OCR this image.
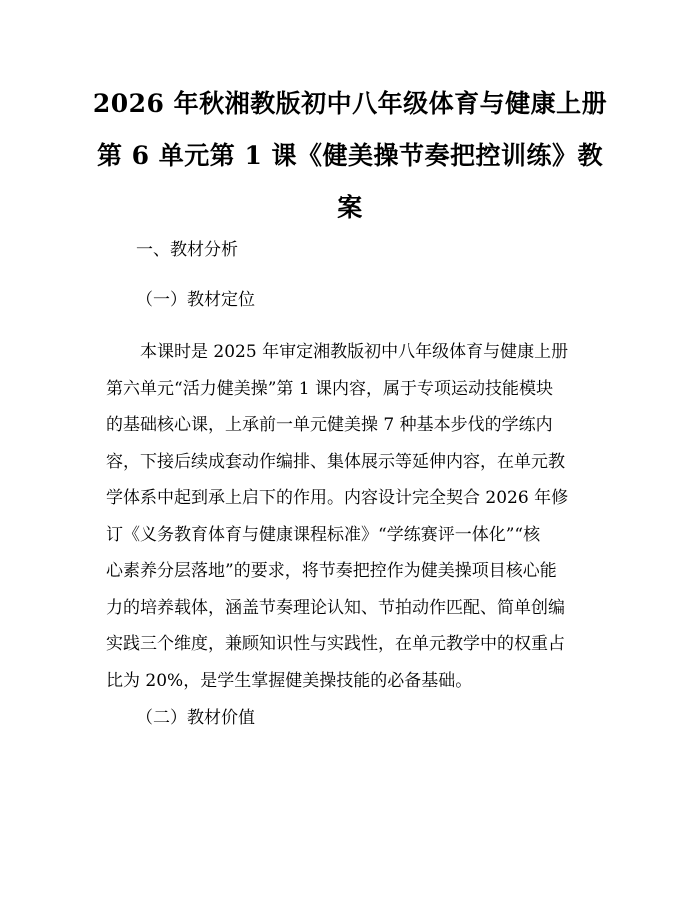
2026 年秋湘教版初中八年级体育与健康上册
第 6 单元第 1 课《健美操节奏把控训练》教
案

一、教材分析

（一）教材定位

本课时是 2025 年审定湘教版初中八年级体育与健康上册
第六单元“活力健美操”第 1 课内容，属于专项运动技能模块
的基础核心课，上承前一单元健美操 7 种基本步伐的学练内
容，下接后续成套动作编排、集体展示等延伸内容，在单元教
学体系中起到承上启下的作用。内容设计完全契合 2026 年修
订《义务教育体育与健康课程标准》“学练赛评一体化”“核
心素养分层落地”的要求，将节奏把控作为健美操项目核心能
力的培养载体，涵盖节奏理论认知、节拍动作匹配、简单创编
实践三个维度，兼顾知识性与实践性，在单元教学中的权重占
比为 20%，是学生掌握健美操技能的必备基础。

（二）教材价值
